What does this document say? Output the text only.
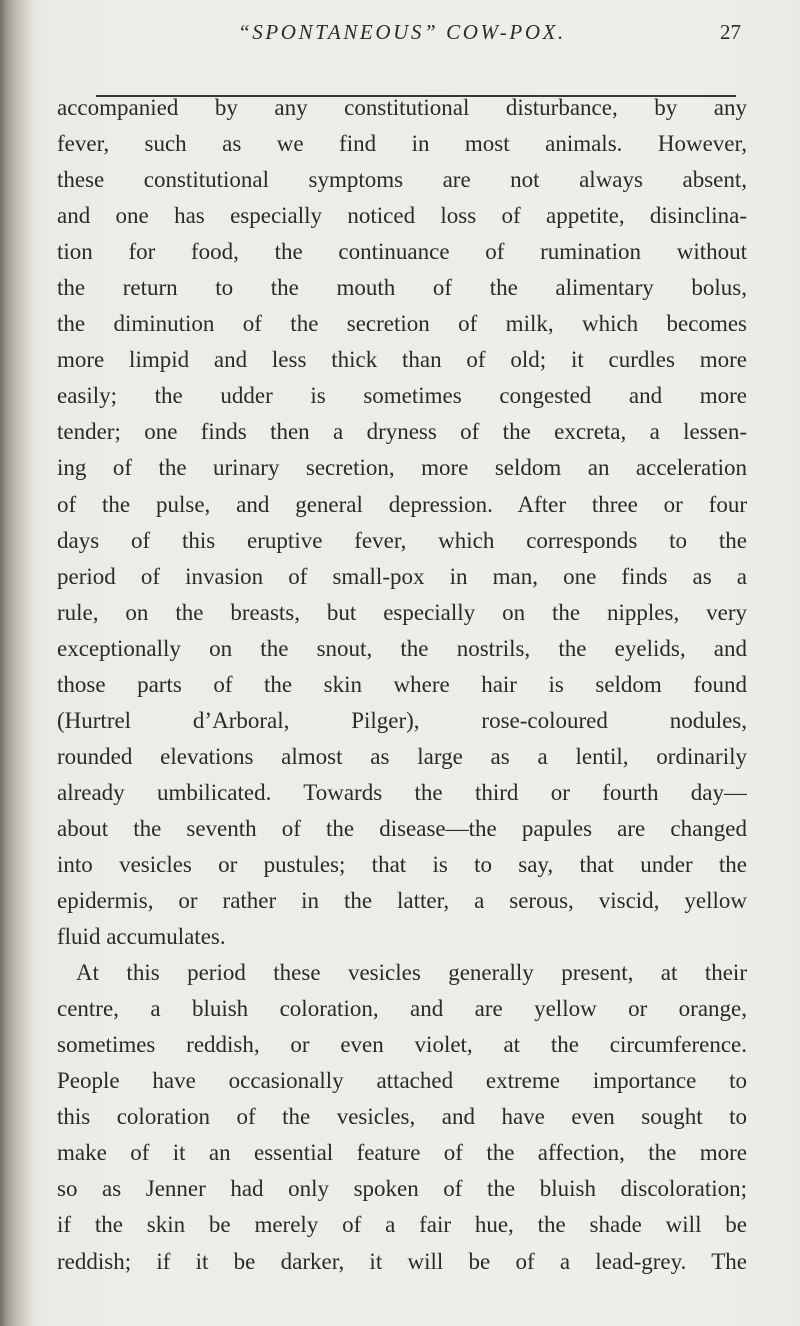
“SPONTANEOUS” COW-POX.	27
accompanied by any constitutional disturbance, by any
fever, such as we find in most animals. However,
these constitutional symptoms are not always absent,
and one has especially noticed loss of appetite, disinclina-
tion for food, the continuance of rumination without
the return to the mouth of the alimentary bolus,
the diminution of the secretion of milk, which becomes
more limpid and less thick than of old; it curdles more
easily; the udder is sometimes congested and more
tender; one finds then a dryness of the excreta, a lessen-
ing of the urinary secretion, more seldom an acceleration
of the pulse, and general depression. After three or four
days of this eruptive fever, which corresponds to the
period of invasion of small-pox in man, one finds as a
rule, on the breasts, but especially on the nipples, very
exceptionally on the snout, the nostrils, the eyelids, and
those parts of the skin where hair is seldom found
(Hurtrel d’Arboral, Pilger), rose-coloured nodules,
rounded elevations almost as large as a lentil, ordinarily
already umbilicated. Towards the third or fourth day—
about the seventh of the disease—the papules are changed
into vesicles or pustules; that is to say, that under the
epidermis, or rather in the latter, a serous, viscid, yellow
fluid accumulates.
At this period these vesicles generally present, at their
centre, a bluish coloration, and are yellow or orange,
sometimes reddish, or even violet, at the circumference.
People have occasionally attached extreme importance to
this coloration of the vesicles, and have even sought to
make of it an essential feature of the affection, the more
so as Jenner had only spoken of the bluish discoloration;
if the skin be merely of a fair hue, the shade will be
reddish; if it be darker, it will be of a lead-grey. The
